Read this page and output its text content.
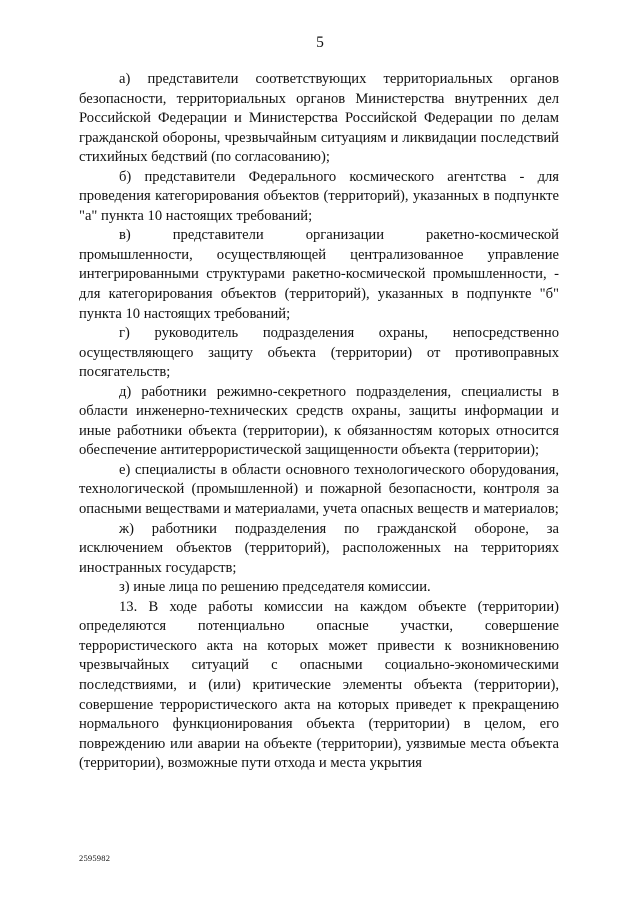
5

а) представители соответствующих территориальных органов безопасности, территориальных органов Министерства внутренних дел Российской Федерации и Министерства Российской Федерации по делам гражданской обороны, чрезвычайным ситуациям и ликвидации последствий стихийных бедствий (по согласованию);

б) представители Федерального космического агентства - для проведения категорирования объектов (территорий), указанных в подпункте "а" пункта 10 настоящих требований;

в) представители организации ракетно-космической промышленности, осуществляющей централизованное управление интегрированными структурами ракетно-космической промышленности, - для категорирования объектов (территорий), указанных в подпункте "б" пункта 10 настоящих требований;

г) руководитель подразделения охраны, непосредственно осуществляющего защиту объекта (территории) от противоправных посягательств;

д) работники режимно-секретного подразделения, специалисты в области инженерно-технических средств охраны, защиты информации и иные работники объекта (территории), к обязанностям которых относится обеспечение антитеррористической защищенности объекта (территории);

е) специалисты в области основного технологического оборудования, технологической (промышленной) и пожарной безопасности, контроля за опасными веществами и материалами, учета опасных веществ и материалов;

ж) работники подразделения по гражданской обороне, за исключением объектов (территорий), расположенных на территориях иностранных государств;

з) иные лица по решению председателя комиссии.

13. В ходе работы комиссии на каждом объекте (территории) определяются потенциально опасные участки, совершение террористического акта на которых может привести к возникновению чрезвычайных ситуаций с опасными социально-экономическими последствиями, и (или) критические элементы объекта (территории), совершение террористического акта на которых приведет к прекращению нормального функционирования объекта (территории) в целом, его повреждению или аварии на объекте (территории), уязвимые места объекта (территории), возможные пути отхода и места укрытия

2595982
